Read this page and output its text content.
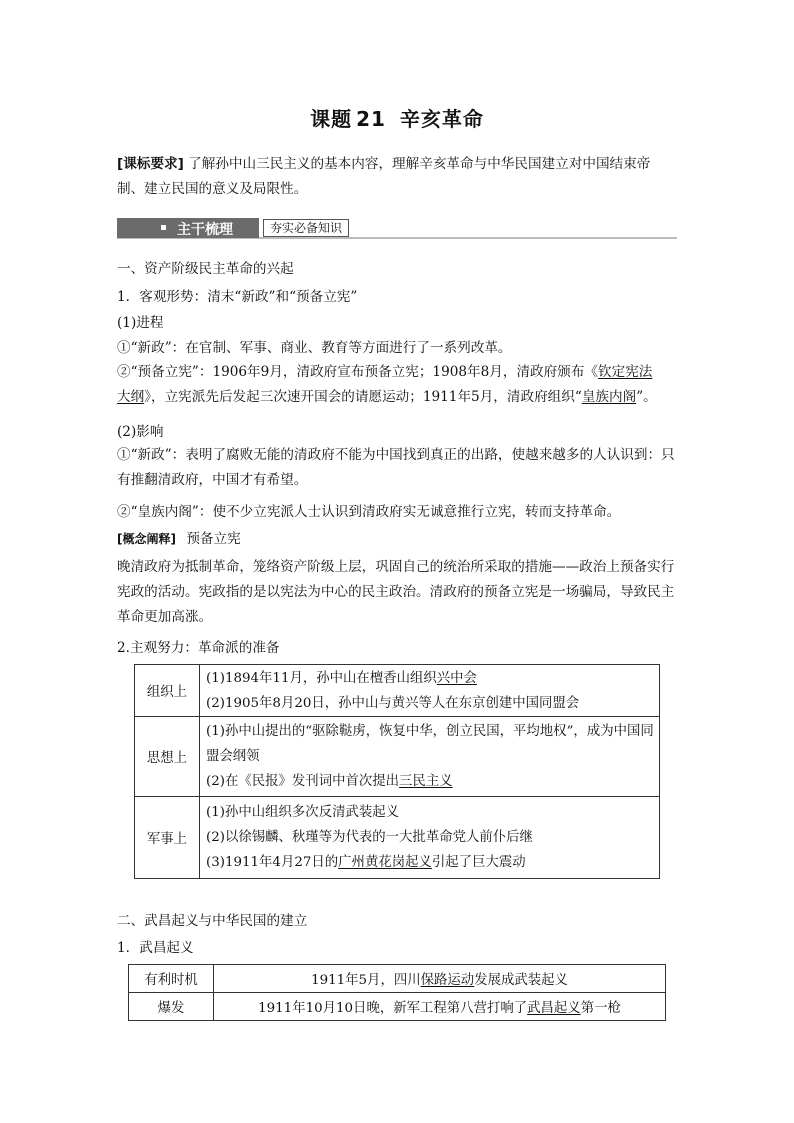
课题 21 辛亥革命
[课标要求] 了解孙中山三民主义的基本内容，理解辛亥革命与中华民国建立对中国结束帝制、建立民国的意义及局限性。
主干梳理	夯实必备知识
一、资产阶级民主革命的兴起
1．客观形势：清末“新政”和“预备立宪”
(1)进程
①“新政”：在官制、军事、商业、教育等方面进行了一系列改革。
②“预备立宪”：1906年9月，清政府宣布预备立宪；1908年8月，清政府颁布《钦定宪法
大纲》，立宪派先后发起三次速开国会的请愿运动；1911年5月，清政府组织“皇族内阁”。
(2)影响
①“新政”：表明了腐败无能的清政府不能为中国找到真正的出路，使越来越多的人认识到：只有推翻清政府，中国才有希望。
②“皇族内阁”：使不少立宪派人士认识到清政府实无诚意推行立宪，转而支持革命。
[概念阐释] 预备立宪
晚清政府为抵制革命，笼络资产阶级上层，巩固自己的统治所采取的措施——政治上预备实行宪政的活动。宪政指的是以宪法为中心的民主政治。清政府的预备立宪是一场骗局，导致民主革命更加高涨。
2.主观努力：革命派的准备
组织上	(1)1894年11月，孙中山在檀香山组织兴中会
(2)1905年8月20日，孙中山与黄兴等人在东京创建中国同盟会

思想上	(1)孙中山提出的“驱除鞑虏，恢复中华，创立民国，平均地权”，成为中国同盟会纲领
(2)在《民报》发刊词中首次提出三民主义

军事上	(1)孙中山组织多次反清武装起义
(2)以徐锡麟、秋瑾等为代表的一大批革命党人前仆后继
(3)1911年4月27日的广州黄花岗起义引起了巨大震动
二、武昌起义与中华民国的建立
1．武昌起义
有利时机	1911年5月，四川保路运动发展成武装起义
爆发	1911年10月10日晚，新军工程第八营打响了武昌起义第一枪
